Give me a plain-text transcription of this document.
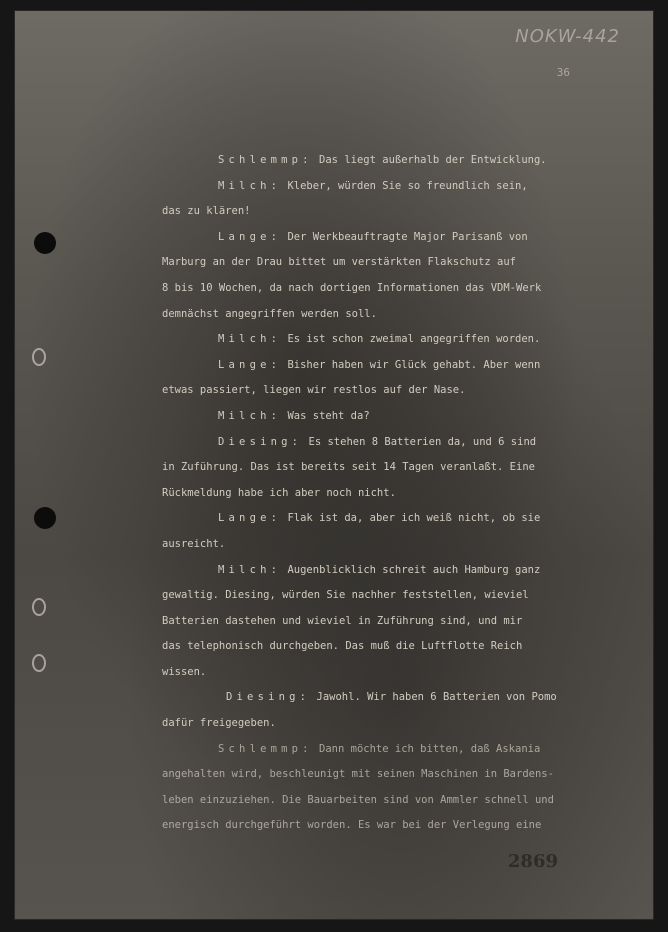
NOKW-442
36
Schlemmp: Das liegt außerhalb der Entwicklung.
Milch: Kleber, würden Sie so freundlich sein,
das zu klären!
Lange: Der Werkbeauftragte Major Parisanß von
Marburg an der Drau bittet um verstärkten Flakschutz auf
8 bis 10 Wochen, da nach dortigen Informationen das VDM-Werk
demnächst angegriffen werden soll.
Milch: Es ist schon zweimal angegriffen worden.
Lange: Bisher haben wir Glück gehabt. Aber wenn
etwas passiert, liegen wir restlos auf der Nase.
Milch: Was steht da?
Diesing: Es stehen 8 Batterien da, und 6 sind
in Zuführung. Das ist bereits seit 14 Tagen veranlaßt. Eine
Rückmeldung habe ich aber noch nicht.
Lange: Flak ist da, aber ich weiß nicht, ob sie
ausreicht.
Milch: Augenblicklich schreit auch Hamburg ganz
gewaltig. Diesing, würden Sie nachher feststellen, wieviel
Batterien dastehen und wieviel in Zuführung sind, und mir
das telephonisch durchgeben. Das muß die Luftflotte Reich
wissen.
Diesing: Jawohl. Wir haben 6 Batterien von Pomo
dafür freigegeben.
Schlemmp: Dann möchte ich bitten, daß Askania
angehalten wird, beschleunigt mit seinen Maschinen in Bardens-
leben einzuziehen. Die Bauarbeiten sind von Ammler schnell und
energisch durchgeführt worden. Es war bei der Verlegung eine
2869
